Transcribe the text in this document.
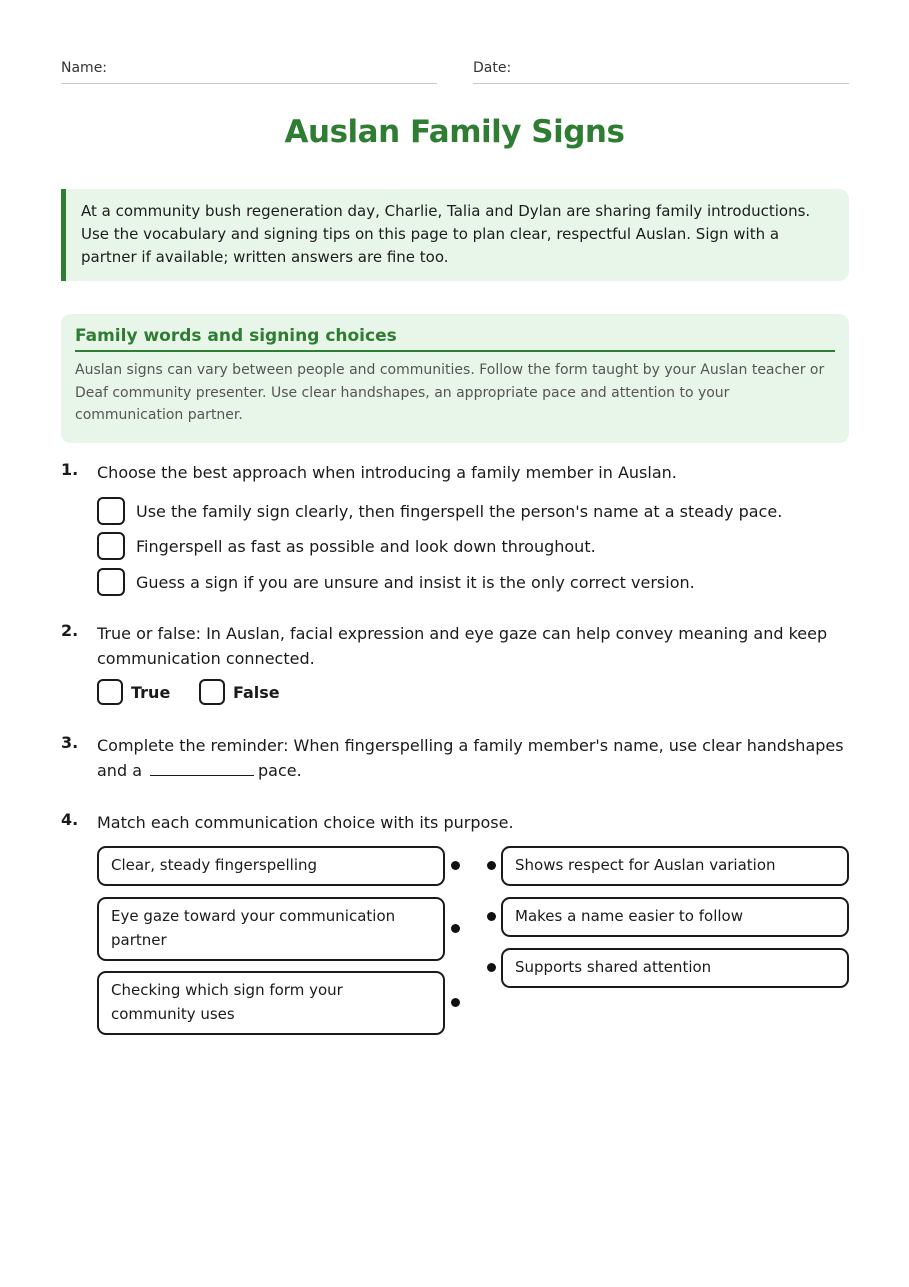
Name:	Date:
Auslan Family Signs

At a community bush regeneration day, Charlie, Talia and Dylan are sharing family introductions. Use the vocabulary and signing tips on this page to plan clear, respectful Auslan. Sign with a partner if available; written answers are fine too.

Family words and signing choices

Auslan signs can vary between people and communities. Follow the form taught by your Auslan teacher or Deaf community presenter. Use clear handshapes, an appropriate pace and attention to your communication partner.

1. Choose the best approach when introducing a family member in Auslan.
Use the family sign clearly, then fingerspell the person's name at a steady pace.
Fingerspell as fast as possible and look down throughout.
Guess a sign if you are unsure and insist it is the only correct version.
2. True or false: In Auslan, facial expression and eye gaze can help convey meaning and keep communication connected.
True	False
3. Complete the reminder: When fingerspelling a family member's name, use clear handshapes and a	pace.
4. Match each communication choice with its purpose.
Clear, steady fingerspelling
Eye gaze toward your communication partner
Checking which sign form your community uses
Shows respect for Auslan variation
Makes a name easier to follow
Supports shared attention
